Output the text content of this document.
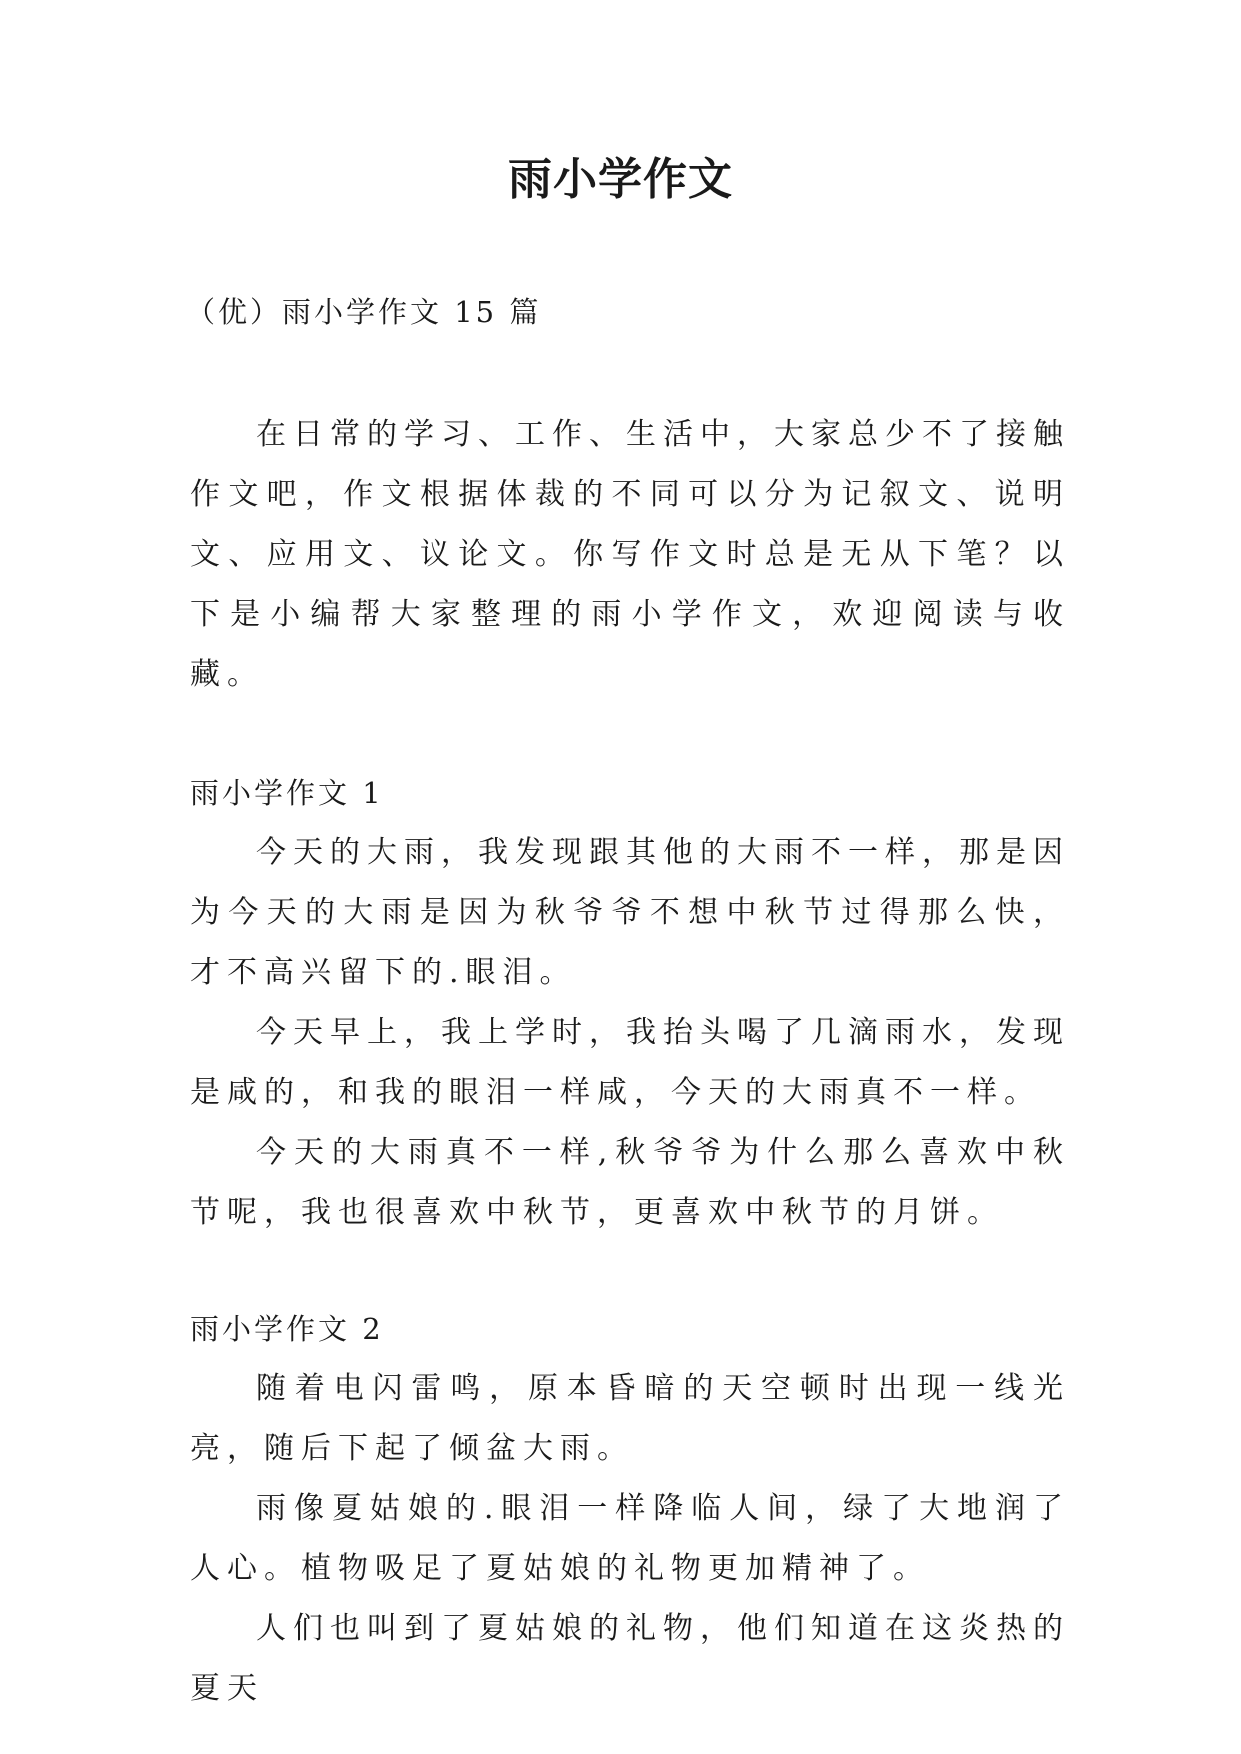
雨小学作文
（优）雨小学作文 15 篇

在日常的学习、工作、生活中，大家总少不了接触作文吧，作文根据体裁的不同可以分为记叙文、说明文、应用文、议论文。你写作文时总是无从下笔？以下是小编帮大家整理的雨小学作文，欢迎阅读与收藏。

雨小学作文 1

今天的大雨，我发现跟其他的大雨不一样，那是因为今天的大雨是因为秋爷爷不想中秋节过得那么快，才不高兴留下的.眼泪。

今天早上，我上学时，我抬头喝了几滴雨水，发现是咸的，和我的眼泪一样咸，今天的大雨真不一样。

今天的大雨真不一样,秋爷爷为什么那么喜欢中秋节呢，我也很喜欢中秋节，更喜欢中秋节的月饼。

雨小学作文 2

随着电闪雷鸣，原本昏暗的天空顿时出现一线光亮，随后下起了倾盆大雨。

雨像夏姑娘的.眼泪一样降临人间，绿了大地润了人心。植物吸足了夏姑娘的礼物更加精神了。

人们也叫到了夏姑娘的礼物，他们知道在这炎热的夏天
